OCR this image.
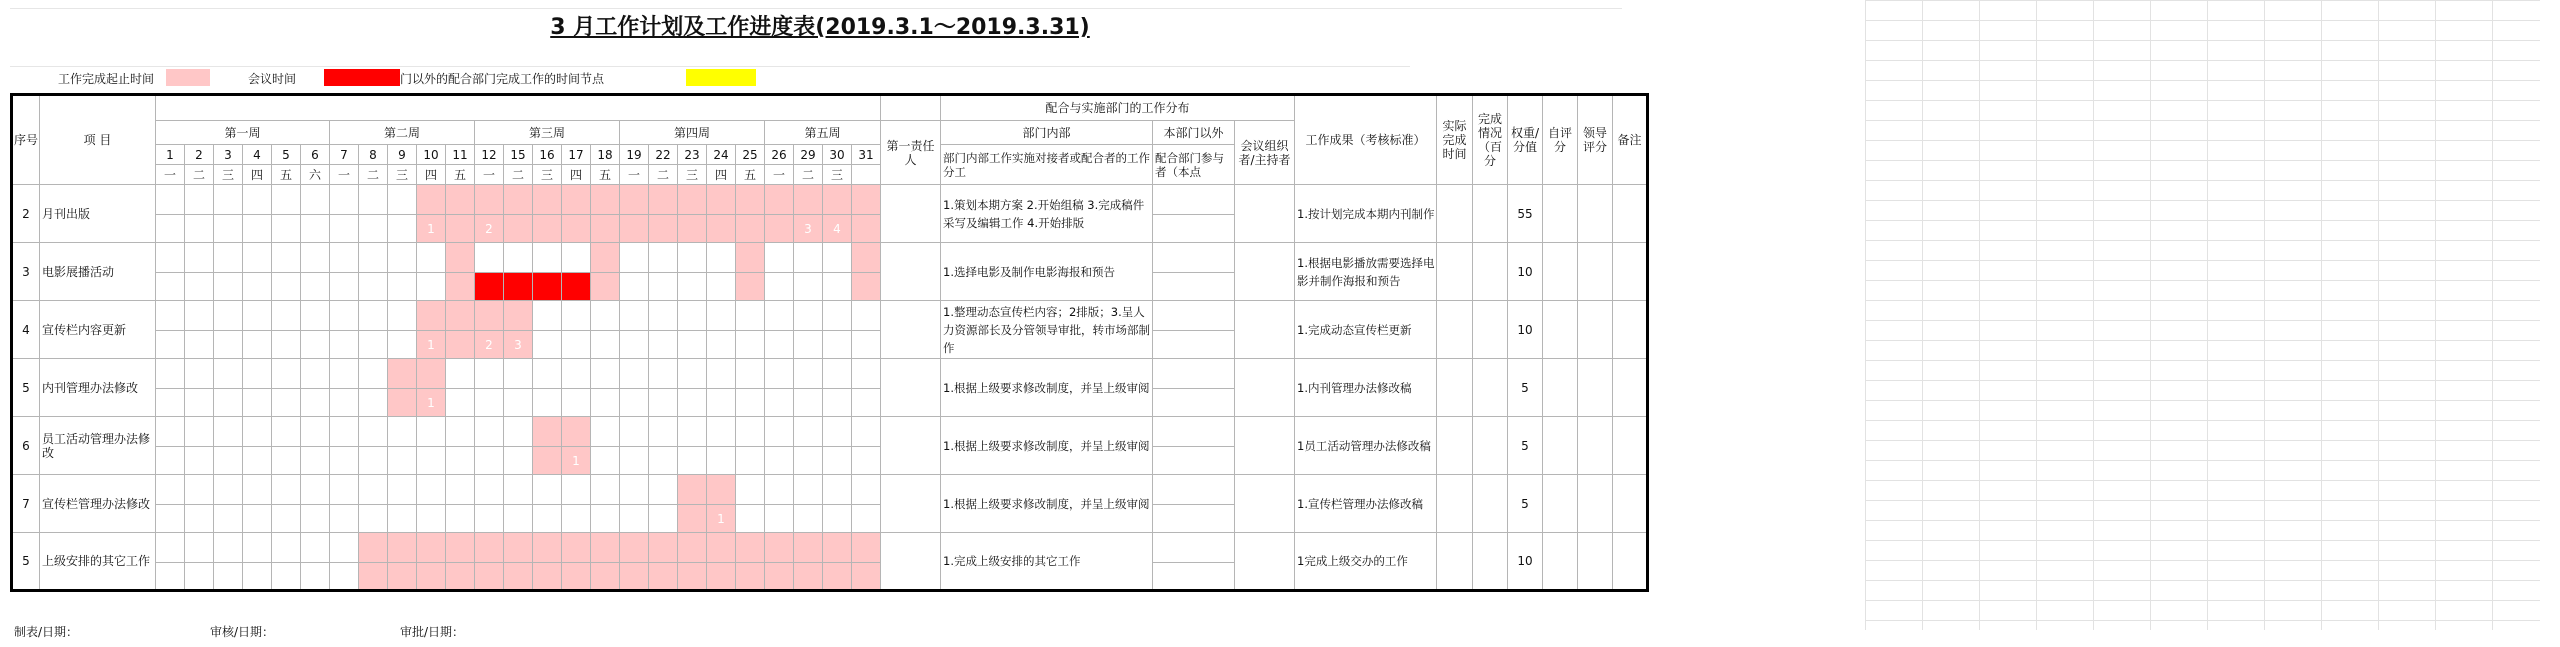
3 月工作计划及工作进度表(2019.3.1～2019.3.31)
工作完成起止时间	会议时间	门以外的配合部门完成工作的时间节点
序号	项 目																											配合与实施部门的工作分布			工作成果（考核标准）	实际完成时间	完成情况（百分	权重/分值	自评分	领导评分	备注
		第一周						第二周					第三周					第四周					第五周				第一责任人	部门内部	本部门以外	会议组织者/主持者							
		1	2	3	4	5	6	7	8	9	10	11	12	15	16	17	18	19	22	23	24	25	26	29	30	31		部门内部工作实施对接者或配合者的工作分工	配合部门参与者（本点								
		一	二	三	四	五	六	一	二	三	四	五	一	二	三	四	五	一	二	三	四	五	一	二	三												
2	月刊出版																											1.策划本期方案 2.开始组稿 3.完成稿件采写及编辑工作 4.开始排版			1.按计划完成本期内刊制作			55			
											1		2											3	4												
3	电影展播活动																											1.选择电影及制作电影海报和预告			1.根据电影播放需要选择电影并制作海报和预告			10			

4	宣传栏内容更新																											1.整理动态宣传栏内容；2排版；3.呈人力资源部长及分管领导审批，转市场部制作			1.完成动态宣传栏更新			10			
											1		2	3																							
5	内刊管理办法修改																											1.根据上级要求修改制度，并呈上级审阅			1.内刊管理办法修改稿			5			
											1																										
6	员工活动管理办法修改																											1.根据上级要求修改制度，并呈上级审阅			1员工活动管理办法修改稿			5			
																1																					
7	宣传栏管理办法修改																											1.根据上级要求修改制度，并呈上级审阅			1.宣传栏管理办法修改稿			5			
																					1																
5	上级安排的其它工作																											1.完成上级安排的其它工作			1完成上级交办的工作			10			

制表/日期：	审核/日期：	审批/日期：
